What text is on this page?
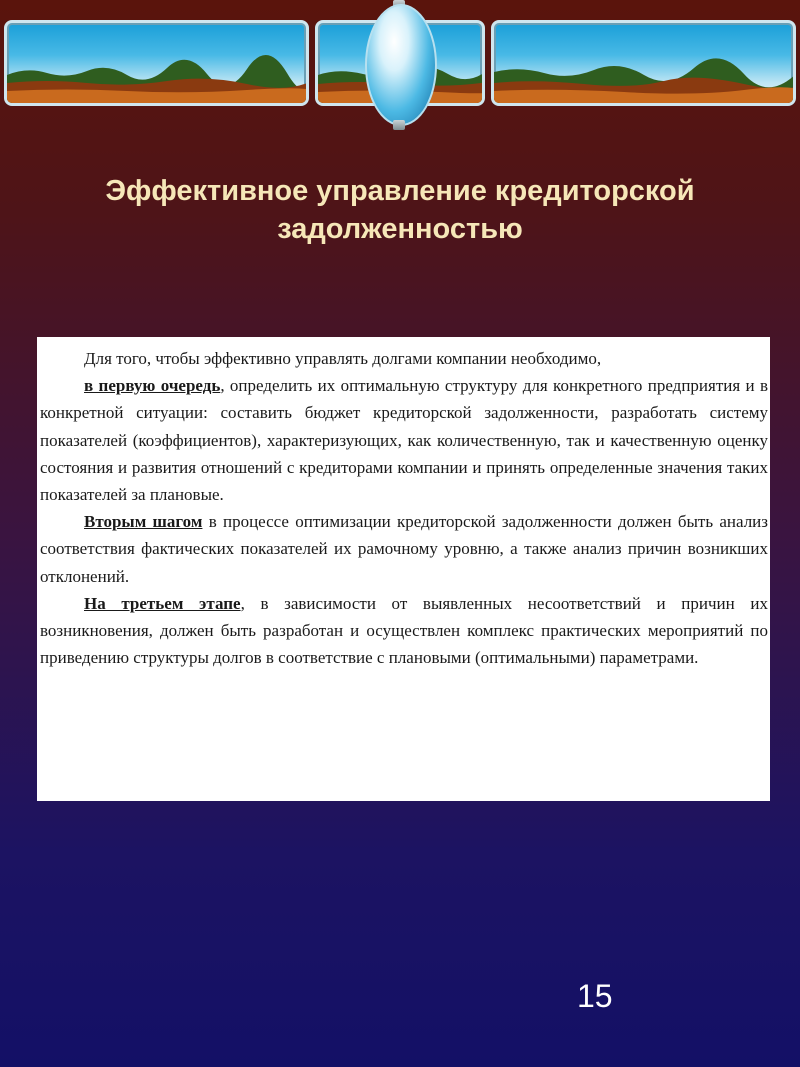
Эффективное управление кредиторской
задолженностью

Для того, чтобы эффективно управлять долгами компании необходимо,

в первую очередь, определить их оптимальную структуру для конкретного предприятия и в конкретной ситуации: составить бюджет кредиторской задолженности, разработать систему показателей (коэффициентов), характеризующих, как количественную, так и качественную оценку состояния и развития отношений с кредиторами компании и принять определенные значения таких показателей за плановые.

Вторым шагом в процессе оптимизации кредиторской задолженности должен быть анализ соответствия фактических показателей их рамочному уровню, а также анализ причин возникших отклонений.

На третьем этапе, в зависимости от выявленных несоответствий и причин их возникновения, должен быть разработан и осуществлен комплекс практических мероприятий по приведению структуры долгов в соответствие с плановыми (оптимальными) параметрами.

15
